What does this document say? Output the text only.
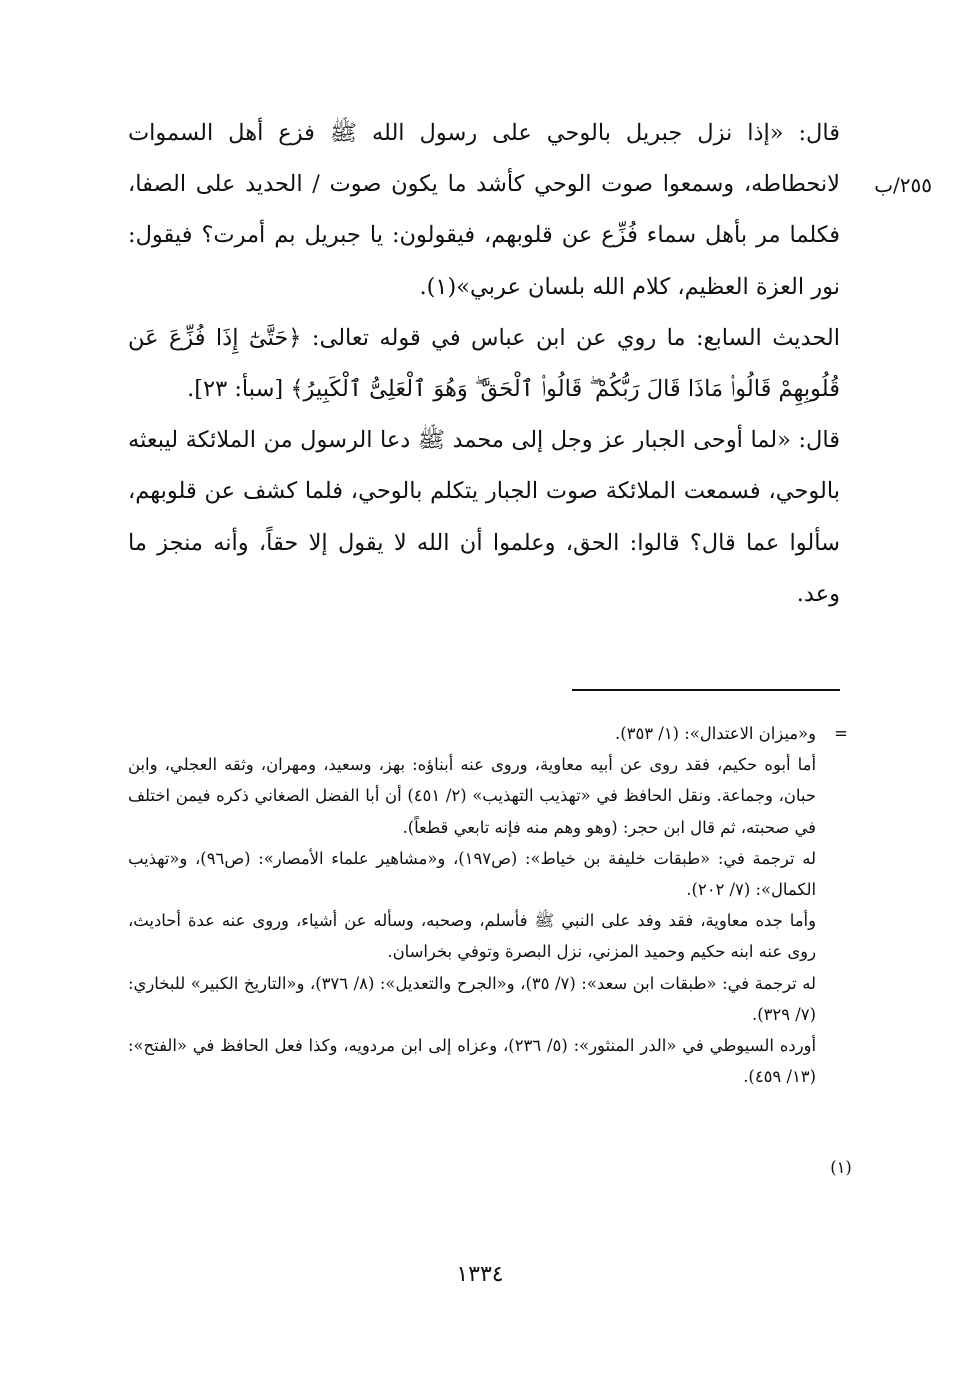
٢٥٥/ب

قال: «إذا نزل جبريل بالوحي على رسول الله ﷺ فزع أهل السموات لانحطاطه، وسمعوا صوت الوحي كأشد ما يكون صوت / الحديد على الصفا، فكلما مر بأهل سماء فُزِّع عن قلوبهم، فيقولون: يا جبريل بم أمرت؟ فيقول: نور العزة العظيم، كلام الله بلسان عربي»(١).

الحديث السابع: ما روي عن ابن عباس في قوله تعالى: ﴿حَتَّىٰٓ إِذَا فُزِّعَ عَن قُلُوبِهِمْ قَالُوا۟ مَاذَا قَالَ رَبُّكُمْ ۖ قَالُوا۟ ٱلْحَقَّ ۖ وَهُوَ ٱلْعَلِىُّ ٱلْكَبِيرُ﴾ [سبأ: ٢٣].

قال: «لما أوحى الجبار عز وجل إلى محمد ﷺ دعا الرسول من الملائكة ليبعثه بالوحي، فسمعت الملائكة صوت الجبار يتكلم بالوحي، فلما كشف عن قلوبهم، سألوا عما قال؟ قالوا: الحق، وعلموا أن الله لا يقول إلا حقاً، وأنه منجز ما وعد.

=
(١)

و«ميزان الاعتدال»: (١/ ٣٥٣).

أما أبوه حكيم، فقد روى عن أبيه معاوية، وروى عنه أبناؤه: بهز، وسعيد، ومهران، وثقه العجلي، وابن حبان، وجماعة. ونقل الحافظ في «تهذيب التهذيب» (٢/ ٤٥١) أن أبا الفضل الصغاني ذكره فيمن اختلف في صحبته، ثم قال ابن حجر: (وهو وهم منه فإنه تابعي قطعاً).

له ترجمة في: «طبقات خليفة بن خياط»: (ص١٩٧)، و«مشاهير علماء الأمصار»: (ص٩٦)، و«تهذيب الكمال»: (٧/ ٢٠٢).

وأما جده معاوية، فقد وفد على النبي ﷺ فأسلم، وصحبه، وسأله عن أشياء، وروى عنه عدة أحاديث، روى عنه ابنه حكيم وحميد المزني، نزل البصرة وتوفي بخراسان.

له ترجمة في: «طبقات ابن سعد»: (٧/ ٣٥)، و«الجرح والتعديل»: (٨/ ٣٧٦)، و«التاريخ الكبير» للبخاري: (٧/ ٣٢٩).

أورده السيوطي في «الدر المنثور»: (٥/ ٢٣٦)، وعزاه إلى ابن مردويه، وكذا فعل الحافظ في «الفتح»: (١٣/ ٤٥٩).

١٣٣٤
